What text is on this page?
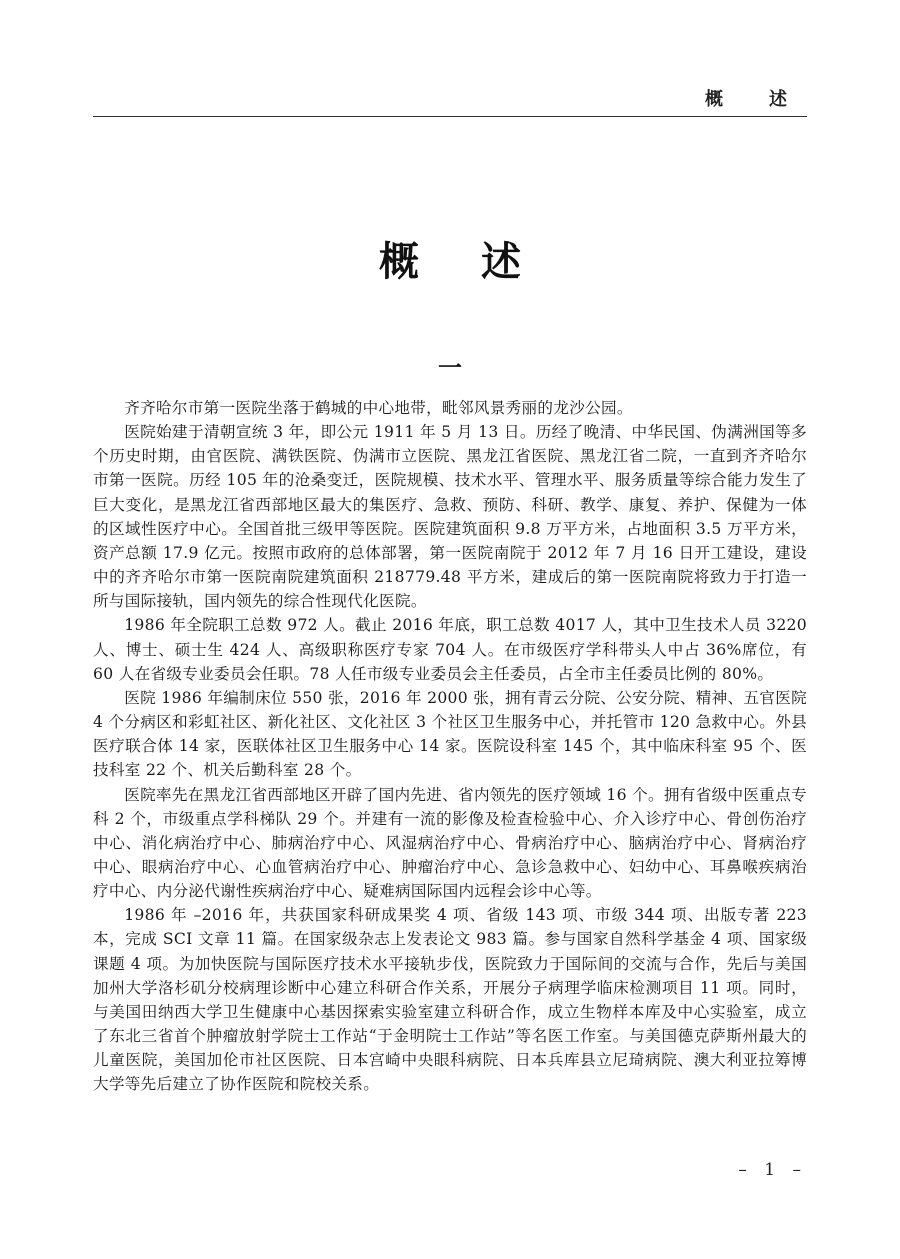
概　述
概述
一

齐齐哈尔市第一医院坐落于鹤城的中心地带，毗邻风景秀丽的龙沙公园。

医院始建于清朝宣统 3 年，即公元 1911 年 5 月 13 日。历经了晚清、中华民国、伪满洲国等多个历史时期，由官医院、满铁医院、伪满市立医院、黑龙江省医院、黑龙江省二院，一直到齐齐哈尔市第一医院。历经 105 年的沧桑变迁，医院规模、技术水平、管理水平、服务质量等综合能力发生了巨大变化，是黑龙江省西部地区最大的集医疗、急救、预防、科研、教学、康复、养护、保健为一体的区域性医疗中心。全国首批三级甲等医院。医院建筑面积 9.8 万平方米，占地面积 3.5 万平方米，资产总额 17.9 亿元。按照市政府的总体部署，第一医院南院于 2012 年 7 月 16 日开工建设，建设中的齐齐哈尔市第一医院南院建筑面积 218779.48 平方米，建成后的第一医院南院将致力于打造一所与国际接轨，国内领先的综合性现代化医院。

1986 年全院职工总数 972 人。截止 2016 年底，职工总数 4017 人，其中卫生技术人员 3220 人、博士、硕士生 424 人、高级职称医疗专家 704 人。在市级医疗学科带头人中占 36%席位，有 60 人在省级专业委员会任职。78 人任市级专业委员会主任委员，占全市主任委员比例的 80%。

医院 1986 年编制床位 550 张，2016 年 2000 张，拥有青云分院、公安分院、精神、五官医院 4 个分病区和彩虹社区、新化社区、文化社区 3 个社区卫生服务中心，并托管市 120 急救中心。外县医疗联合体 14 家，医联体社区卫生服务中心 14 家。医院设科室 145 个，其中临床科室 95 个、医技科室 22 个、机关后勤科室 28 个。

医院率先在黑龙江省西部地区开辟了国内先进、省内领先的医疗领域 16 个。拥有省级中医重点专科 2 个，市级重点学科梯队 29 个。并建有一流的影像及检查检验中心、介入诊疗中心、骨创伤治疗中心、消化病治疗中心、肺病治疗中心、风湿病治疗中心、骨病治疗中心、脑病治疗中心、肾病治疗中心、眼病治疗中心、心血管病治疗中心、肿瘤治疗中心、急诊急救中心、妇幼中心、耳鼻喉疾病治疗中心、内分泌代谢性疾病治疗中心、疑难病国际国内远程会诊中心等。

1986 年 –2016 年，共获国家科研成果奖 4 项、省级 143 项、市级 344 项、出版专著 223 本，完成 SCI 文章 11 篇。在国家级杂志上发表论文 983 篇。参与国家自然科学基金 4 项、国家级课题 4 项。为加快医院与国际医疗技术水平接轨步伐，医院致力于国际间的交流与合作，先后与美国加州大学洛杉矶分校病理诊断中心建立科研合作关系，开展分子病理学临床检测项目 11 项。同时，与美国田纳西大学卫生健康中心基因探索实验室建立科研合作，成立生物样本库及中心实验室，成立了东北三省首个肿瘤放射学院士工作站“于金明院士工作站”等名医工作室。与美国德克萨斯州最大的儿童医院，美国加伦市社区医院、日本宫崎中央眼科病院、日本兵库县立尼琦病院、澳大利亚拉筹博大学等先后建立了协作医院和院校关系。

– 1 –
